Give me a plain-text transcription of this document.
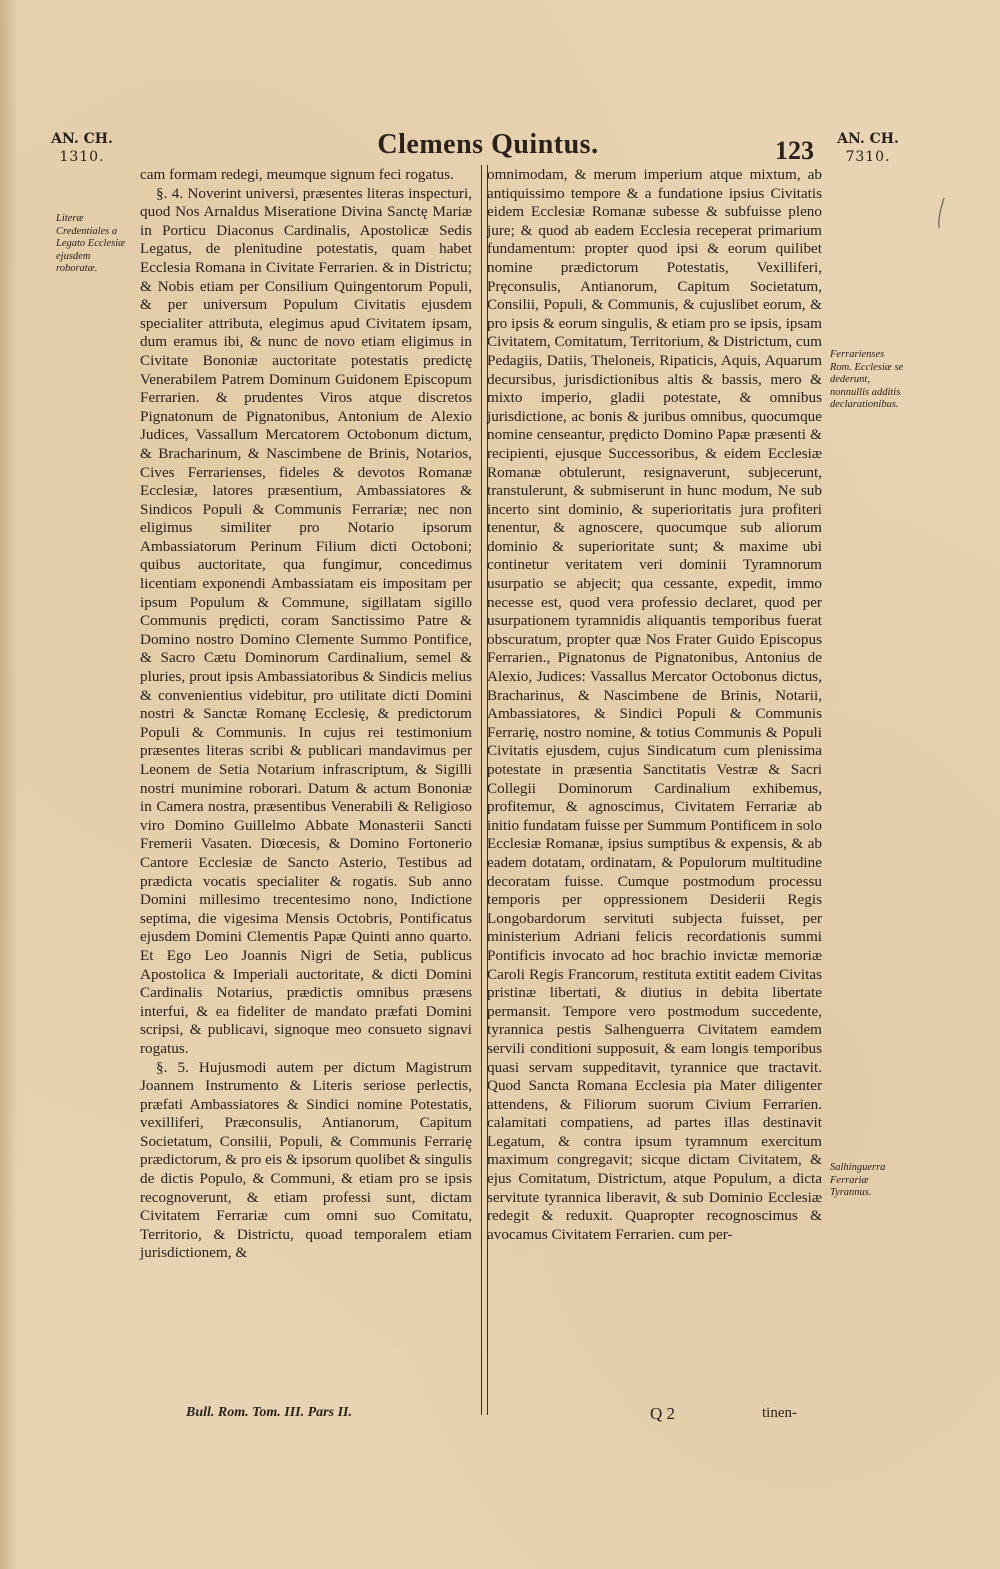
AN. CH.
1310.	Clemens Quintus.	123	AN. CH.
7310.
Literæ Credentiales a Legato Ecclesiæ ejusdem roboratæ.
Ferrarienses Rom. Ecclesiæ se dederunt, nonnullis additis declarationibus.
Salhinguerra Ferrariæ Tyrannus.

cam formam redegi, meumque signum feci rogatus.

§. 4. Noverint universi, præsentes literas inspecturi, quod Nos Arnaldus Miseratione Divina Sanctę Mariæ in Porticu Diaconus Cardinalis, Apostolicæ Sedis Legatus, de plenitudine potestatis, quam habet Ecclesia Romana in Civitate Ferrarien. & in Districtu; & Nobis etiam per Consilium Quingentorum Populi, & per universum Populum Civitatis ejusdem specialiter attributa, elegimus apud Civitatem ipsam, dum eramus ibi, & nunc de novo etiam eligimus in Civitate Bononiæ auctoritate potestatis predictę Venerabilem Patrem Dominum Guidonem Episcopum Ferrarien. & prudentes Viros atque discretos Pignatonum de Pignatonibus, Antonium de Alexio Judices, Vassallum Mercatorem Octobonum dictum, & Bracharinum, & Nascimbene de Brinis, Notarios, Cives Ferrarienses, fideles & devotos Romanæ Ecclesiæ, latores præsentium, Ambassiatores & Sindicos Populi & Communis Ferrariæ; nec non eligimus similiter pro Notario ipsorum Ambassiatorum Perinum Filium dicti Octoboni; quibus auctoritate, qua fungimur, concedimus licentiam exponendi Ambassiatam eis impositam per ipsum Populum & Commune, sigillatam sigillo Communis prędicti, coram Sanctissimo Patre & Domino nostro Domino Clemente Summo Pontifice, & Sacro Cætu Dominorum Cardinalium, semel & pluries, prout ipsis Ambassiatoribus & Sindicis melius & convenientius videbitur, pro utilitate dicti Domini nostri & Sanctæ Romanę Ecclesię, & predictorum Populi & Communis. In cujus rei testimonium præsentes literas scribi & publicari mandavimus per Leonem de Setia Notarium infrascriptum, & Sigilli nostri munimine roborari. Datum & actum Bononiæ in Camera nostra, præsentibus Venerabili & Religioso viro Domino Guillelmo Abbate Monasterii Sancti Fremerii Vasaten. Diœcesis, & Domino Fortonerio Cantore Ecclesiæ de Sancto Asterio, Testibus ad prædicta vocatis specialiter & rogatis. Sub anno Domini millesimo trecentesimo nono, Indictione septima, die vigesima Mensis Octobris, Pontificatus ejusdem Domini Clementis Papæ Quinti anno quarto. Et Ego Leo Joannis Nigri de Setia, publicus Apostolica & Imperiali auctoritate, & dicti Domini Cardinalis Notarius, prædictis omnibus præsens interfui, & ea fideliter de mandato præfati Domini scripsi, & publicavi, signoque meo consueto signavi rogatus.

§. 5. Hujusmodi autem per dictum Magistrum Joannem Instrumento & Literis seriose perlectis, præfati Ambassiatores & Sindici nomine Potestatis, vexilliferi, Præconsulis, Antianorum, Capitum Societatum, Consilii, Populi, & Communis Ferrarię prædictorum, & pro eis & ipsorum quolibet & singulis de dictis Populo, & Communi, & etiam pro se ipsis recognoverunt, & etiam professi sunt, dictam Civitatem Ferrariæ cum omni suo Comitatu, Territorio, & Districtu, quoad temporalem etiam jurisdictionem, &

omnimodam, & merum imperium atque mixtum, ab antiquissimo tempore & a fundatione ipsius Civitatis eidem Ecclesiæ Romanæ subesse & subfuisse pleno jure; & quod ab eadem Ecclesia receperat primarium fundamentum: propter quod ipsi & eorum quilibet nomine prædictorum Potestatis, Vexilliferi, Pręconsulis, Antianorum, Capitum Societatum, Consilii, Populi, & Communis, & cujuslibet eorum, & pro ipsis & eorum singulis, & etiam pro se ipsis, ipsam Civitatem, Comitatum, Territorium, & Districtum, cum Pedagiis, Datiis, Theloneis, Ripaticis, Aquis, Aquarum decursibus, jurisdictionibus altis & bassis, mero & mixto imperio, gladii potestate, & omnibus jurisdictione, ac bonis & juribus omnibus, quocumque nomine censeantur, prędicto Domino Papæ præsenti & recipienti, ejusque Successoribus, & eidem Ecclesiæ Romanæ obtulerunt, resignaverunt, subjecerunt, transtulerunt, & submiserunt in hunc modum, Ne sub incerto sint dominio, & superioritatis jura profiteri tenentur, & agnoscere, quocumque sub aliorum dominio & superioritate sunt; & maxime ubi continetur veritatem veri dominii Tyramnorum usurpatio se abjecit; qua cessante, expedit, immo necesse est, quod vera professio declaret, quod per usurpationem tyramnidis aliquantis temporibus fuerat obscuratum, propter quæ Nos Frater Guido Episcopus Ferrarien., Pignatonus de Pignatonibus, Antonius de Alexio, Judices: Vassallus Mercator Octobonus dictus, Bracharinus, & Nascimbene de Brinis, Notarii, Ambassiatores, & Sindici Populi & Communis Ferrarię, nostro nomine, & totius Communis & Populi Civitatis ejusdem, cujus Sindicatum cum plenissima potestate in præsentia Sanctitatis Vestræ & Sacri Collegii Dominorum Cardinalium exhibemus, profitemur, & agnoscimus, Civitatem Ferrariæ ab initio fundatam fuisse per Summum Pontificem in solo Ecclesiæ Romanæ, ipsius sumptibus & expensis, & ab eadem dotatam, ordinatam, & Populorum multitudine decoratam fuisse. Cumque postmodum processu temporis per oppressionem Desiderii Regis Longobardorum servituti subjecta fuisset, per ministerium Adriani felicis recordationis summi Pontificis invocato ad hoc brachio invictæ memoriæ Caroli Regis Francorum, restituta extitit eadem Civitas pristinæ libertati, & diutius in debita libertate permansit. Tempore vero postmodum succedente, tyrannica pestis Salhenguerra Civitatem eamdem servili conditioni supposuit, & eam longis temporibus quasi servam suppeditavit, tyrannice que tractavit. Quod Sancta Romana Ecclesia pia Mater diligenter attendens, & Filiorum suorum Civium Ferrarien. calamitati compatiens, ad partes illas destinavit Legatum, & contra ipsum tyramnum exercitum maximum congregavit; sicque dictam Civitatem, & ejus Comitatum, Districtum, atque Populum, a dicta servitute tyrannica liberavit, & sub Dominio Ecclesiæ redegit & reduxit. Quapropter recognoscimus & avocamus Civitatem Ferrarien. cum per-

Bull. Rom. Tom. III. Pars II.	Q 2	tinen-
